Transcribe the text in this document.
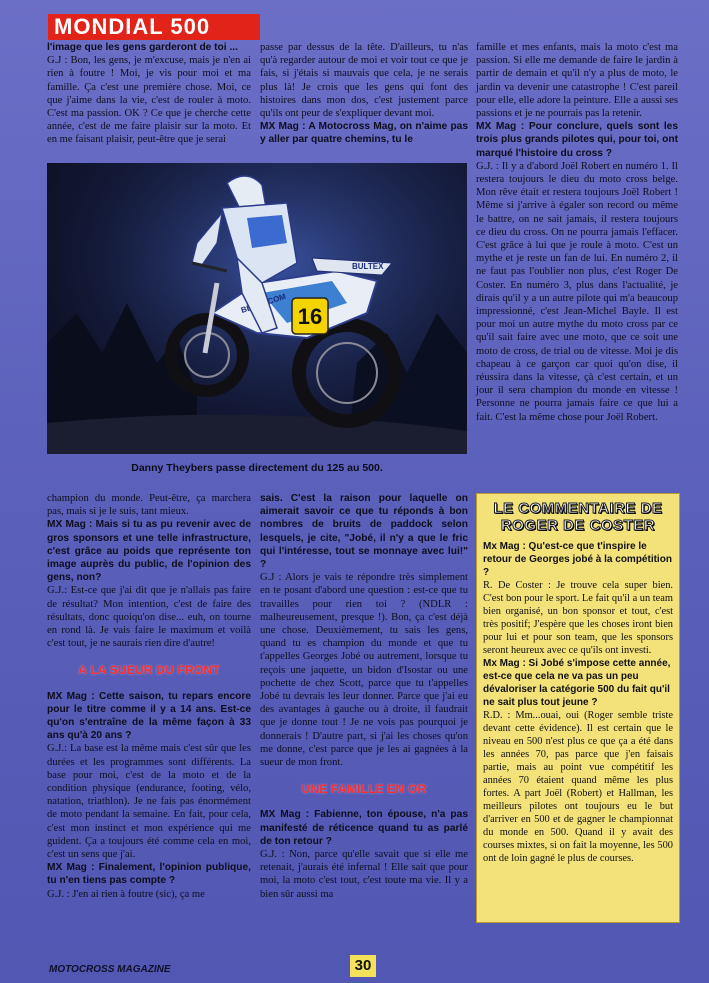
MONDIAL 500

l'image que les gens garderont de toi ...

G.J : Bon, les gens, je m'excuse, mais je n'en ai rien à foutre ! Moi, je vis pour moi et ma famille. Ça c'est une première chose. Moi, ce que j'aime dans la vie, c'est de rouler à moto. C'est ma passion. OK ? Ce que je cherche cette année, c'est de me faire plaisir sur la moto. Et en me faisant plaisir, peut-être que je serai

passe par dessus de la tête. D'ailleurs, tu n'as qu'à regarder autour de moi et voir tout ce que je fais, si j'étais si mauvais que cela, je ne serais plus là! Je crois que les gens qui font des histoires dans mon dos, c'est justement parce qu'ils ont peur de s'expliquer devant moi.

MX Mag : A Motocross Mag, on n'aime pas y aller par quatre chemins, tu le

famille et mes enfants, mais la moto c'est ma passion. Si elle me demande de faire le jardin à partir de demain et qu'il n'y a plus de moto, le jardin va devenir une catastrophe ! C'est pareil pour elle, elle adore la peinture. Elle a aussi ses passions et je ne pourrais pas la retenir.

MX Mag : Pour conclure, quels sont les trois plus grands pilotes qui, pour toi, ont marqué l'histoire du cross ?

G.J. : Il y a d'abord Joël Robert en numéro 1. Il restera toujours le dieu du moto cross belge. Mon rêve était et restera toujours Joël Robert ! Même si j'arrive à égaler son record ou même le battre, on ne sait jamais, il restera toujours ce dieu du cross. On ne pourra jamais l'effacer. C'est grâce à lui que je roule à moto. C'est un mythe et je reste un fan de lui. En numéro 2, il ne faut pas l'oublier non plus, c'est Roger De Coster. En numéro 3, plus dans l'actualité, je dirais qu'il y a un autre pilote qui m'a beaucoup impressionné, c'est Jean-Michel Bayle. Il est pour moi un autre mythe du moto cross par ce qu'il sait faire avec une moto, que ce soit une moto de cross, de trial ou de vitesse. Moi je dis chapeau à ce garçon car quoi qu'on dise, il réussira dans la vitesse, çà c'est certain, et un jour il sera champion du monde en vitesse ! Personne ne pourra jamais faire ce que lui a fait. C'est la même chose pour Joël Robert.

16
BULTEX
Danny Theybers passe directement du 125 au 500.

champion du monde. Peut-être, ça marchera pas, mais si je le suis, tant mieux.

MX Mag : Mais si tu as pu revenir avec de gros sponsors et une telle infrastructure, c'est grâce au poids que représente ton image auprès du public, de l'opinion des gens, non?

G.J.: Est-ce que j'ai dit que je n'allais pas faire de résultat? Mon intention, c'est de faire des résultats, donc quoiqu'on dise... euh, on tourne en rond là. Je vais faire le maximum et voilà c'est tout, je ne saurais rien dire d'autre!

A LA SUEUR DU FRONT

MX Mag : Cette saison, tu repars encore pour le titre comme il y a 14 ans. Est-ce qu'on s'entraîne de la même façon à 33 ans qu'à 20 ans ?

G.J.: La base est la même mais c'est sûr que les durées et les programmes sont différents. La base pour moi, c'est de la moto et de la condition physique (endurance, footing, vélo, natation, triathlon). Je ne fais pas énormément de moto pendant la semaine. En fait, pour cela, c'est mon instinct et mon expérience qui me guident. Ça a toujours été comme cela en moi, c'est un sens que j'ai.

MX Mag : Finalement, l'opinion publique, tu n'en tiens pas compte ?

G.J. : J'en ai rien à foutre (sic), ça me

sais. C'est la raison pour laquelle on aimerait savoir ce que tu réponds à bon nombres de bruits de paddock selon lesquels, je cite, "Jobé, il n'y a que le fric qui l'intéresse, tout se monnaye avec lui!" ?

G.J : Alors je vais te répondre très simplement en te posant d'abord une question : est-ce que tu travailles pour rien toi ? (NDLR : malheureusement, presque !). Bon, ça c'est déjà une chose. Deuxièmement, tu sais les gens, quand tu es champion du monde et que tu t'appelles Georges Jobé ou autrement, lorsque tu reçois une jaquette, un bidon d'Isostar ou une pochette de chez Scott, parce que tu t'appelles Jobé tu devrais les leur donner. Parce que j'ai eu des avantages à gauche ou à droite, il faudrait que je donne tout ! Je ne vois pas pourquoi je donnerais ! D'autre part, si j'ai les choses qu'on me donne, c'est parce que je les ai gagnées à la sueur de mon front.

UNE FAMILLE EN OR

MX Mag : Fabienne, ton épouse, n'a pas manifesté de réticence quand tu as parlé de ton retour ?

G.J. : Non, parce qu'elle savait que si elle me retenait, j'aurais été infernal ! Elle sait que pour moi, la moto c'est tout, c'est toute ma vie. Il y a bien sûr aussi ma

LE COMMENTAIRE DE ROGER DE COSTER

Mx Mag : Qu'est-ce que t'inspire le retour de Georges jobé à la compétition ?

R. De Coster : Je trouve cela super bien. C'est bon pour le sport. Le fait qu'il a un team bien organisé, un bon sponsor et tout, c'est très positif; J'espère que les choses iront bien pour lui et pour son team, que les sponsors seront heureux avec ce qu'ils ont investi.

Mx Mag : Si Jobé s'impose cette année, est-ce que cela ne va pas un peu dévaloriser la catégorie 500 du fait qu'il ne sait plus tout jeune ?

R.D. : Mm...ouai, oui (Roger semble triste devant cette évidence). Il est certain que le niveau en 500 n'est plus ce que ça a été dans les années 70, pas parce que j'en faisais partie, mais au point vue compétitif les années 70 étaient quand même les plus fortes. A part Joël (Robert) et Hallman, les meilleurs pilotes ont toujours eu le but d'arriver en 500 et de gagner le championnat du monde en 500. Quand il y avait des courses mixtes, si on fait la moyenne, les 500 ont de loin gagné le plus de courses.

MOTOCROSS MAGAZINE	30
